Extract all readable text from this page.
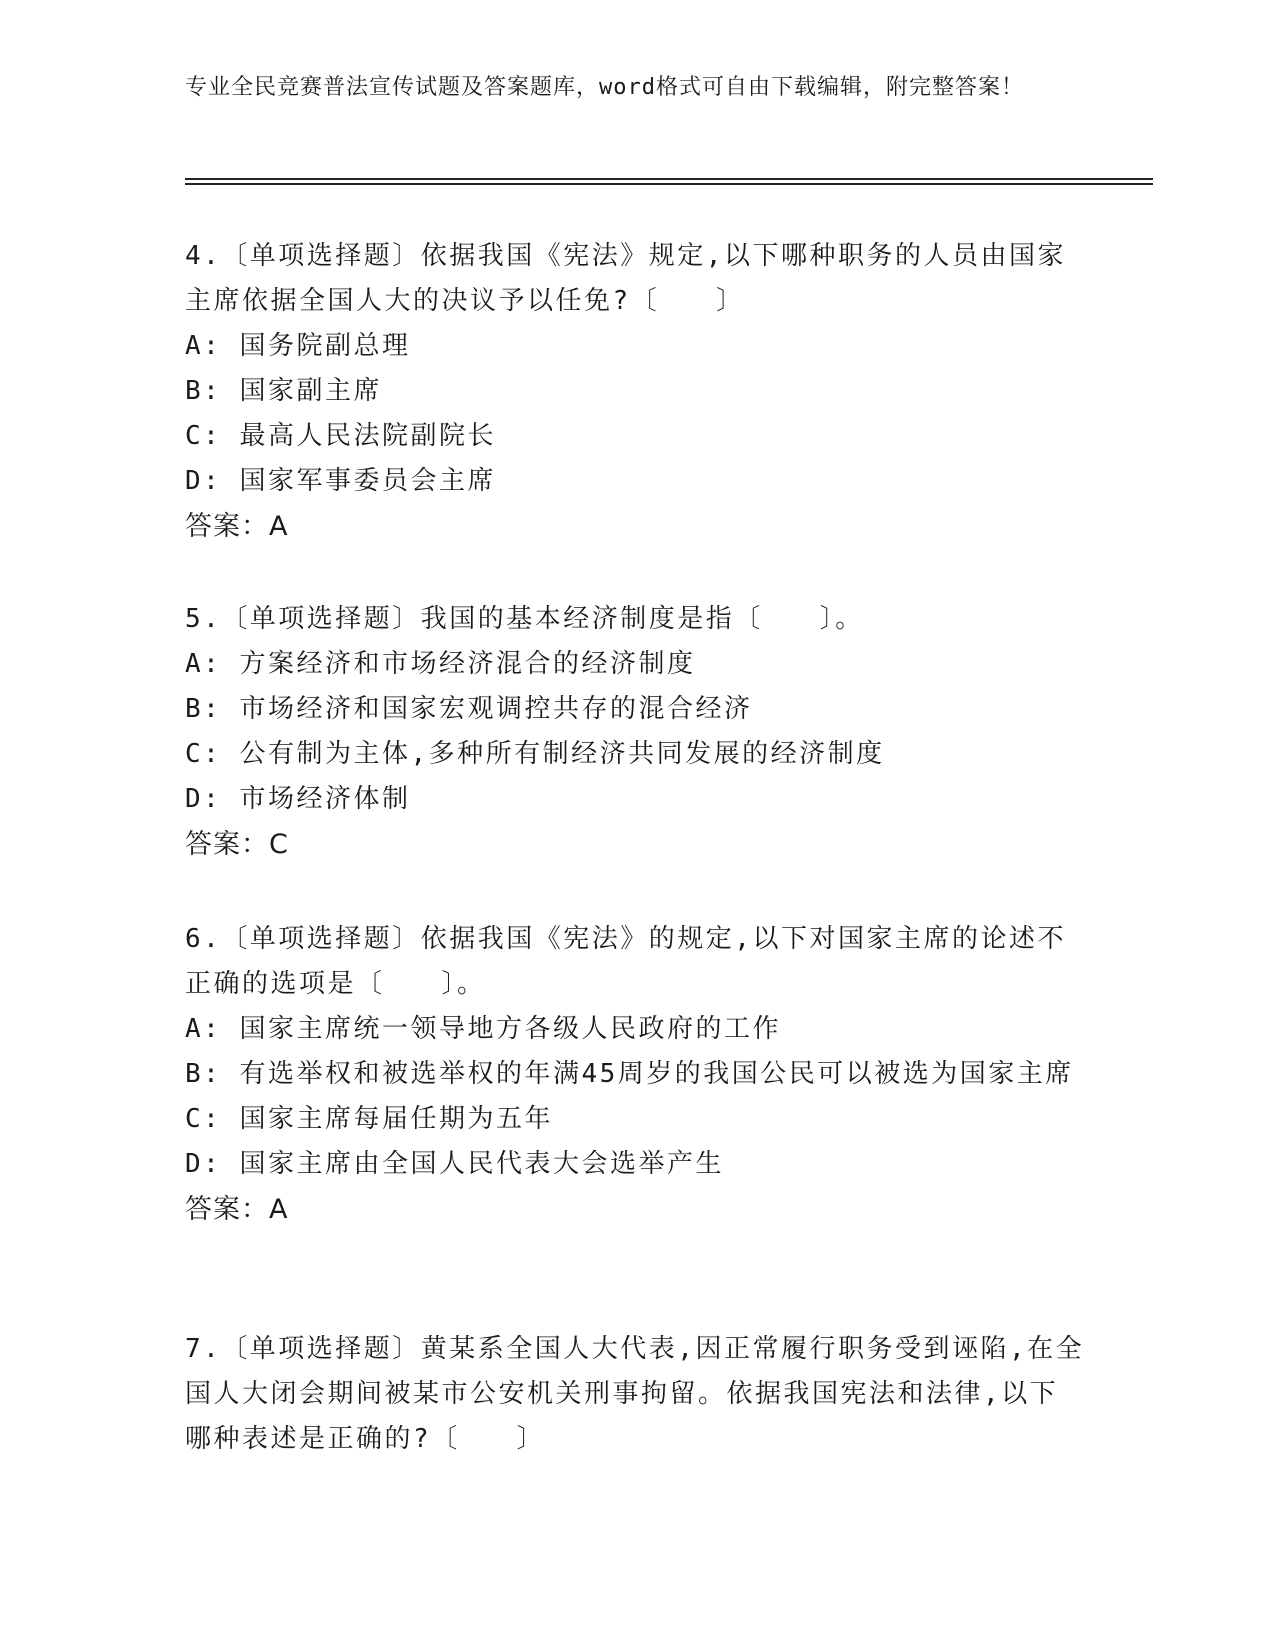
专业全民竞赛普法宣传试题及答案题库，word格式可自由下载编辑，附完整答案！
4.〔单项选择题〕依据我国《宪法》规定,以下哪种职务的人员由国家主席依据全国人大的决议予以任免?〔　　〕
A: 国务院副总理
B: 国家副主席
C: 最高人民法院副院长
D: 国家军事委员会主席
答案：A
5.〔单项选择题〕我国的基本经济制度是指〔　　〕。
A: 方案经济和市场经济混合的经济制度
B: 市场经济和国家宏观调控共存的混合经济
C: 公有制为主体,多种所有制经济共同发展的经济制度
D: 市场经济体制
答案：C
6.〔单项选择题〕依据我国《宪法》的规定,以下对国家主席的论述不正确的选项是〔　　〕。
A: 国家主席统一领导地方各级人民政府的工作
B: 有选举权和被选举权的年满45周岁的我国公民可以被选为国家主席
C: 国家主席每届任期为五年
D: 国家主席由全国人民代表大会选举产生
答案：A
7.〔单项选择题〕黄某系全国人大代表,因正常履行职务受到诬陷,在全国人大闭会期间被某市公安机关刑事拘留。依据我国宪法和法律,以下哪种表述是正确的?〔　　〕
